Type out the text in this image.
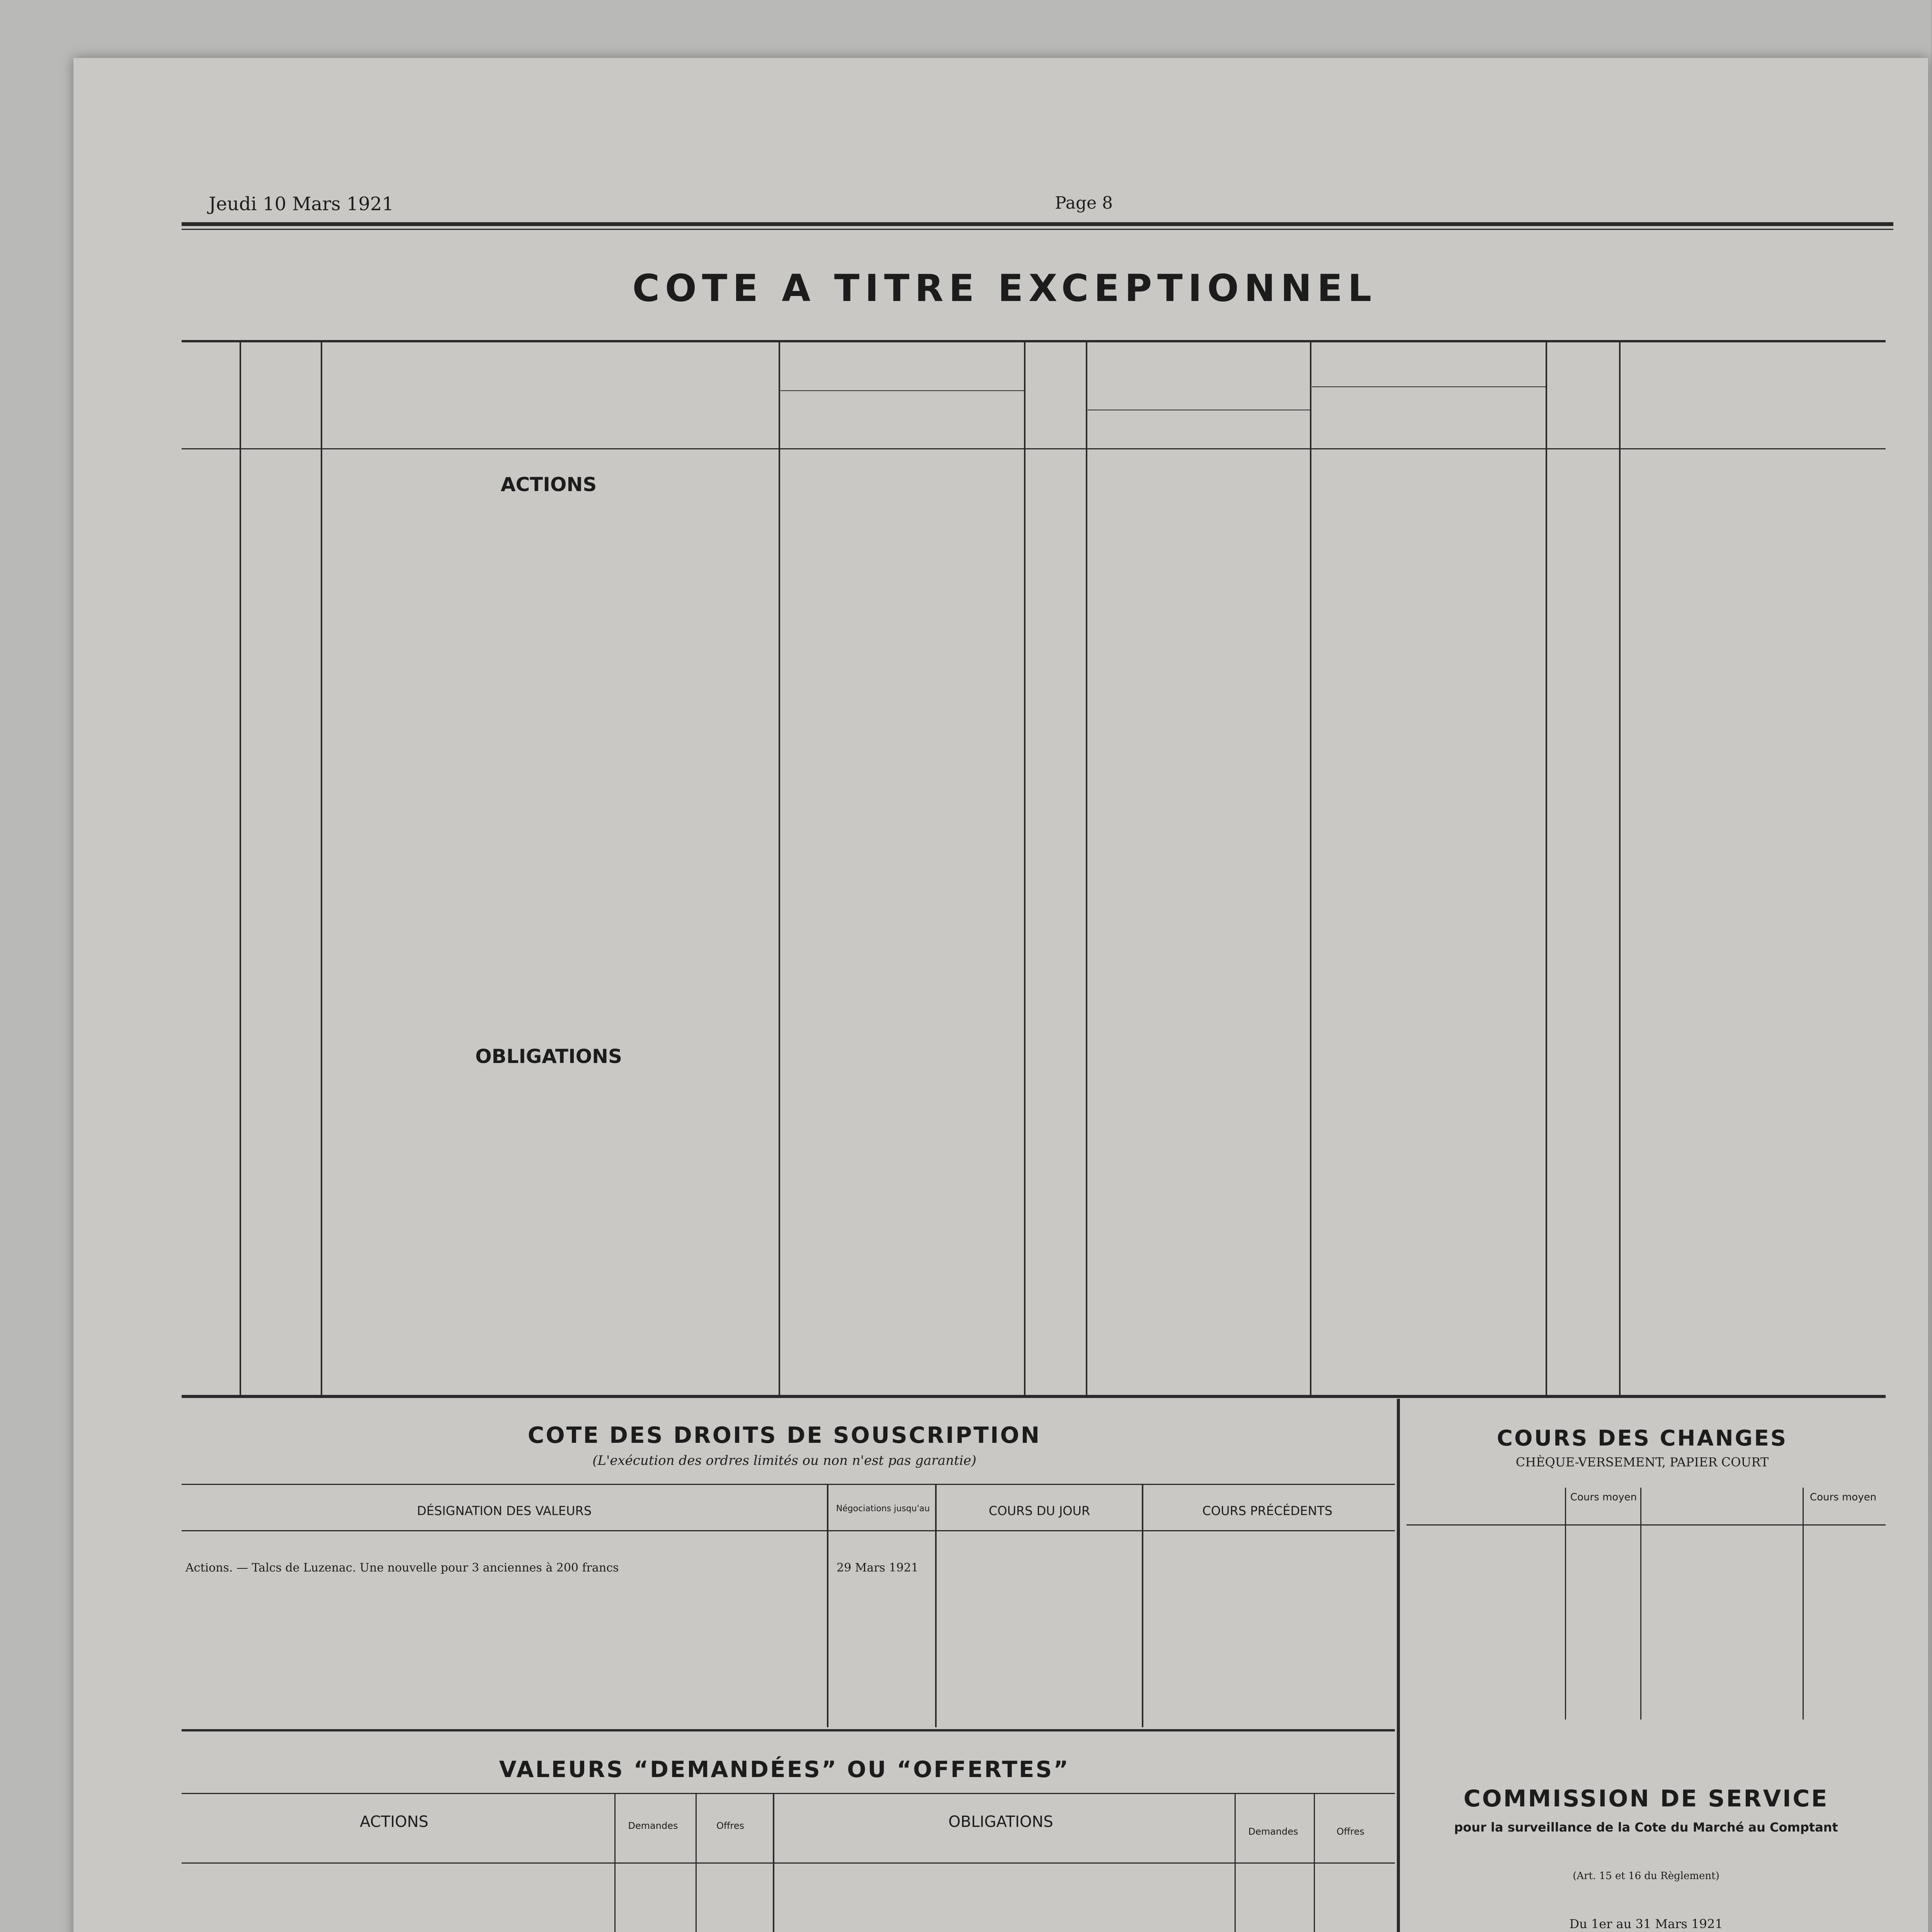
Jeudi 10 Mars 1921	Page 8
COTE A TITRE EXCEPTIONNEL
ACTIONS
OBLIGATIONS
COTE DES DROITS DE SOUSCRIPTION
(L'exécution des ordres limités ou non n'est pas garantie)
DÉSIGNATION DES VALEURS	Négociations jusqu'au	COURS DU JOUR	COURS PRÉCÉDENTS
Actions. — Talcs de Luzenac. Une nouvelle pour 3 anciennes à 200 francs	29 Mars 1921
COURS DES CHANGES
CHÈQUE-VERSEMENT, PAPIER COURT
Cours moyen	Cours moyen
VALEURS “DEMANDÉES” OU “OFFERTES”
ACTIONS	Demandes	Offres	OBLIGATIONS
Demandes	Offres
COMMISSION DE SERVICE
pour la surveillance de la Cote du Marché au Comptant
(Art. 15 et 16 du Règlement)
Du 1er au 31 Mars 1921
